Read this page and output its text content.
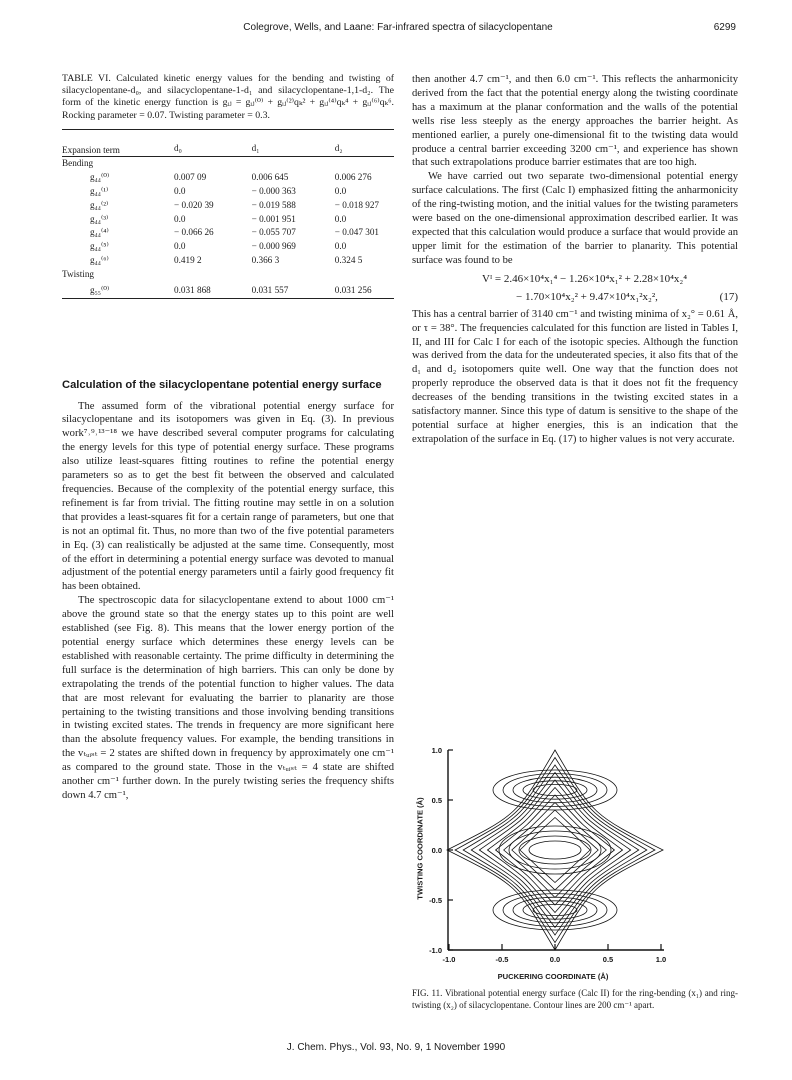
Colegrove, Wells, and Laane: Far-infrared spectra of silacyclopentane	6299
TABLE VI. Calculated kinetic energy values for the bending and twisting of silacyclopentane-d₀, and silacyclopentane-1-d₁ and silacyclopentane-1,1-d₂. The form of the kinetic energy function is gᵢⱼ = gᵢⱼ⁽⁰⁾ + gᵢⱼ⁽²⁾qₖ² + gᵢⱼ⁽⁴⁾qₖ⁴ + gᵢⱼ⁽⁶⁾qₖ⁶. Rocking parameter = 0.07. Twisting parameter = 0.3.
Expansion term	d₀	d₁	d₂
Bending			
g₄₄⁽⁰⁾	0.007 09	0.006 645	0.006 276
g₄₄⁽¹⁾	0.0	− 0.000 363	0.0
g₄₄⁽²⁾	− 0.020 39	− 0.019 588	− 0.018 927
g₄₄⁽³⁾	0.0	− 0.001 951	0.0
g₄₄⁽⁴⁾	− 0.066 26	− 0.055 707	− 0.047 301
g₄₄⁽⁵⁾	0.0	− 0.000 969	0.0
g₄₄⁽⁶⁾	0.419 2	0.366 3	0.324 5
Twisting			
g₅₅⁽⁰⁾	0.031 868	0.031 557	0.031 256
Calculation of the silacyclopentane potential energy surface

The assumed form of the vibrational potential energy surface for silacyclopentane and its isotopomers was given in Eq. (3). In previous work⁷˒⁹˒¹³⁻¹⁸ we have described several computer programs for calculating the energy levels for this type of potential energy surface. These programs also utilize least-squares fitting routines to refine the potential energy parameters so as to get the best fit between the observed and calculated frequencies. Because of the complexity of the potential energy surface, this refinement is far from trivial. The fitting routine may settle in on a solution that provides a least-squares fit for a certain range of parameters, but one that is not an optimal fit. Thus, no more than two of the five potential parameters in Eq. (3) can realistically be adjusted at the same time. Consequently, most of the effort in determining a potential energy surface was devoted to manual adjustment of the potential energy parameters until a fairly good frequency fit has been obtained.

The spectroscopic data for silacyclopentane extend to about 1000 cm⁻¹ above the ground state so that the energy states up to this point are well established (see Fig. 8). This means that the lower energy portion of the potential energy surface which determines these energy levels can be established with reasonable certainty. The prime difficulty in determining the full surface is the determination of high barriers. This can only be done by extrapolating the trends of the potential function to higher values. The data that are most relevant for evaluating the barrier to planarity are those pertaining to the twisting transitions and those involving bending transitions in twisting excited states. The trends in frequency are more significant here than the absolute frequency values. For example, the bending transitions in the vₜᵤᵢₛₜ = 2 states are shifted down in frequency by approximately one cm⁻¹ as compared to the ground state. Those in the vₜᵤᵢₛₜ = 4 state are shifted another cm⁻¹ further down. In the purely twisting series the frequency shifts down 4.7 cm⁻¹,

then another 4.7 cm⁻¹, and then 6.0 cm⁻¹. This reflects the anharmonicity derived from the fact that the potential energy along the twisting coordinate has a maximum at the planar conformation and the walls of the potential wells rise less steeply as the energy approaches the barrier height. As mentioned earlier, a purely one-dimensional fit to the twisting data would produce a central barrier exceeding 3200 cm⁻¹, and experience has shown that such extrapolations produce barrier estimates that are too high.

We have carried out two separate two-dimensional potential energy surface calculations. The first (Calc I) emphasized fitting the anharmonicity of the ring-twisting motion, and the initial values for the twisting parameters were based on the one-dimensional approximation described earlier. It was expected that this calculation would produce a surface that would provide an upper limit for the estimation of the barrier to planarity. This potential surface was found to be

Vᴵ = 2.46×10⁴x₁⁴ − 1.26×10⁴x₁² + 2.28×10⁴x₂⁴
− 1.70×10⁴x₂² + 9.47×10⁴x₁²x₂²,	(17)

This has a central barrier of 3140 cm⁻¹ and twisting minima of x₂° = 0.61 Å, or τ = 38°. The frequencies calculated for this function are listed in Tables I, II, and III for Calc I for each of the isotopic species. Although the function was derived from the data for the undeuterated species, it also fits that of the d₁ and d₂ isotopomers quite well. One way that the function does not properly reproduce the observed data is that it does not fit the frequency decreases of the bending transitions in the twisting excited states in a satisfactory manner. Since this type of datum is sensitive to the shape of the potential surface at higher energies, this is an indication that the extrapolation of the surface in Eq. (17) to higher values is not very accurate.

1.0
0.5
0.0
-0.5
-1.0
-1.0	-0.5	0.0	0.5	1.0
PUCKERING COORDINATE (Å)
TWISTING COORDINATE (Å)
FIG. 11. Vibrational potential energy surface (Calc II) for the ring-bending (x₁) and ring-twisting (x₂) of silacyclopentane. Contour lines are 200 cm⁻¹ apart.
J. Chem. Phys., Vol. 93, No. 9, 1 November 1990
